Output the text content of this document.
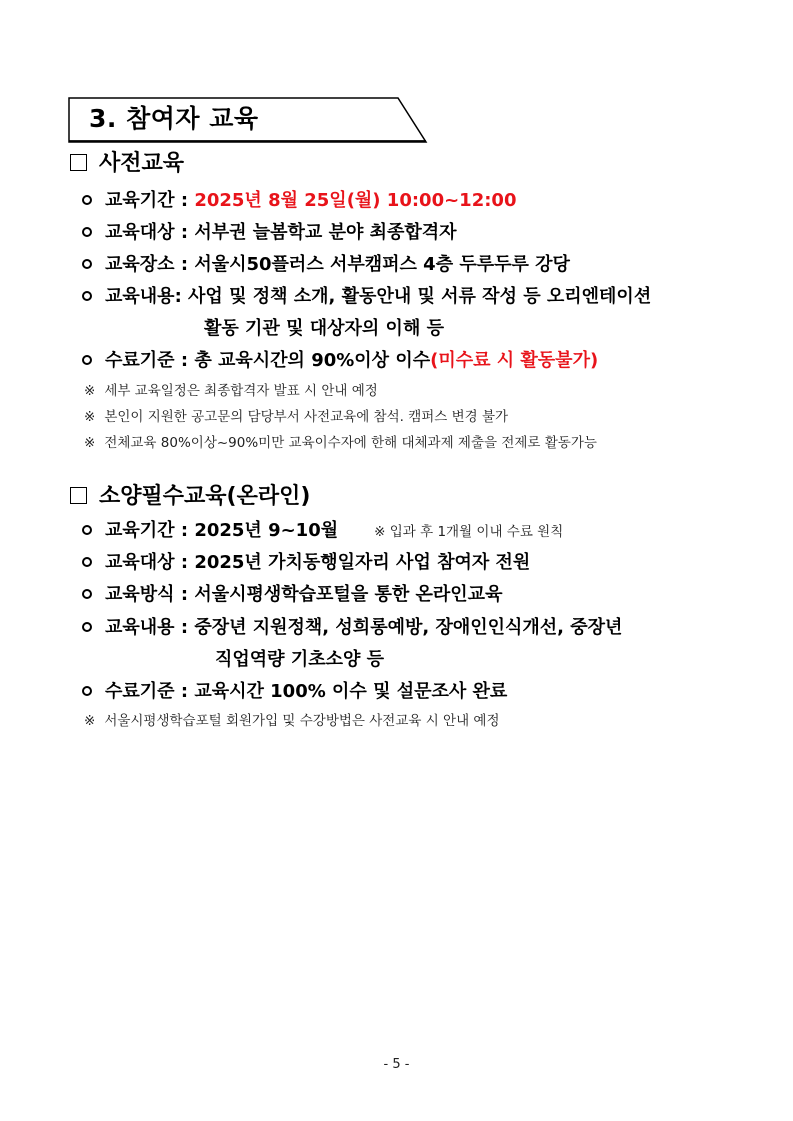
3. 참여자 교육
사전교육
교육기간 : 2025년 8월 25일(월) 10:00~12:00
교육대상 : 서부권 늘봄학교 분야 최종합격자
교육장소 : 서울시50플러스 서부캠퍼스 4층 두루두루 강당
교육내용: 사업 및 정책 소개, 활동안내 및 서류 작성 등 오리엔테이션
활동 기관 및 대상자의 이해 등
수료기준 : 총 교육시간의 90%이상 이수(미수료 시 활동불가)
※ 세부 교육일정은 최종합격자 발표 시 안내 예정
※ 본인이 지원한 공고문의 담당부서 사전교육에 참석. 캠퍼스 변경 불가
※ 전체교육 80%이상~90%미만 교육이수자에 한해 대체과제 제출을 전제로 활동가능
소양필수교육(온라인)
교육기간 : 2025년 9~10월	※ 입과 후 1개월 이내 수료 원칙
교육대상 : 2025년 가치동행일자리 사업 참여자 전원
교육방식 : 서울시평생학습포털을 통한 온라인교육
교육내용 : 중장년 지원정책, 성희롱예방, 장애인인식개선, 중장년
직업역량 기초소양 등
수료기준 : 교육시간 100% 이수 및 설문조사 완료
※ 서울시평생학습포털 회원가입 및 수강방법은 사전교육 시 안내 예정
- 5 -
